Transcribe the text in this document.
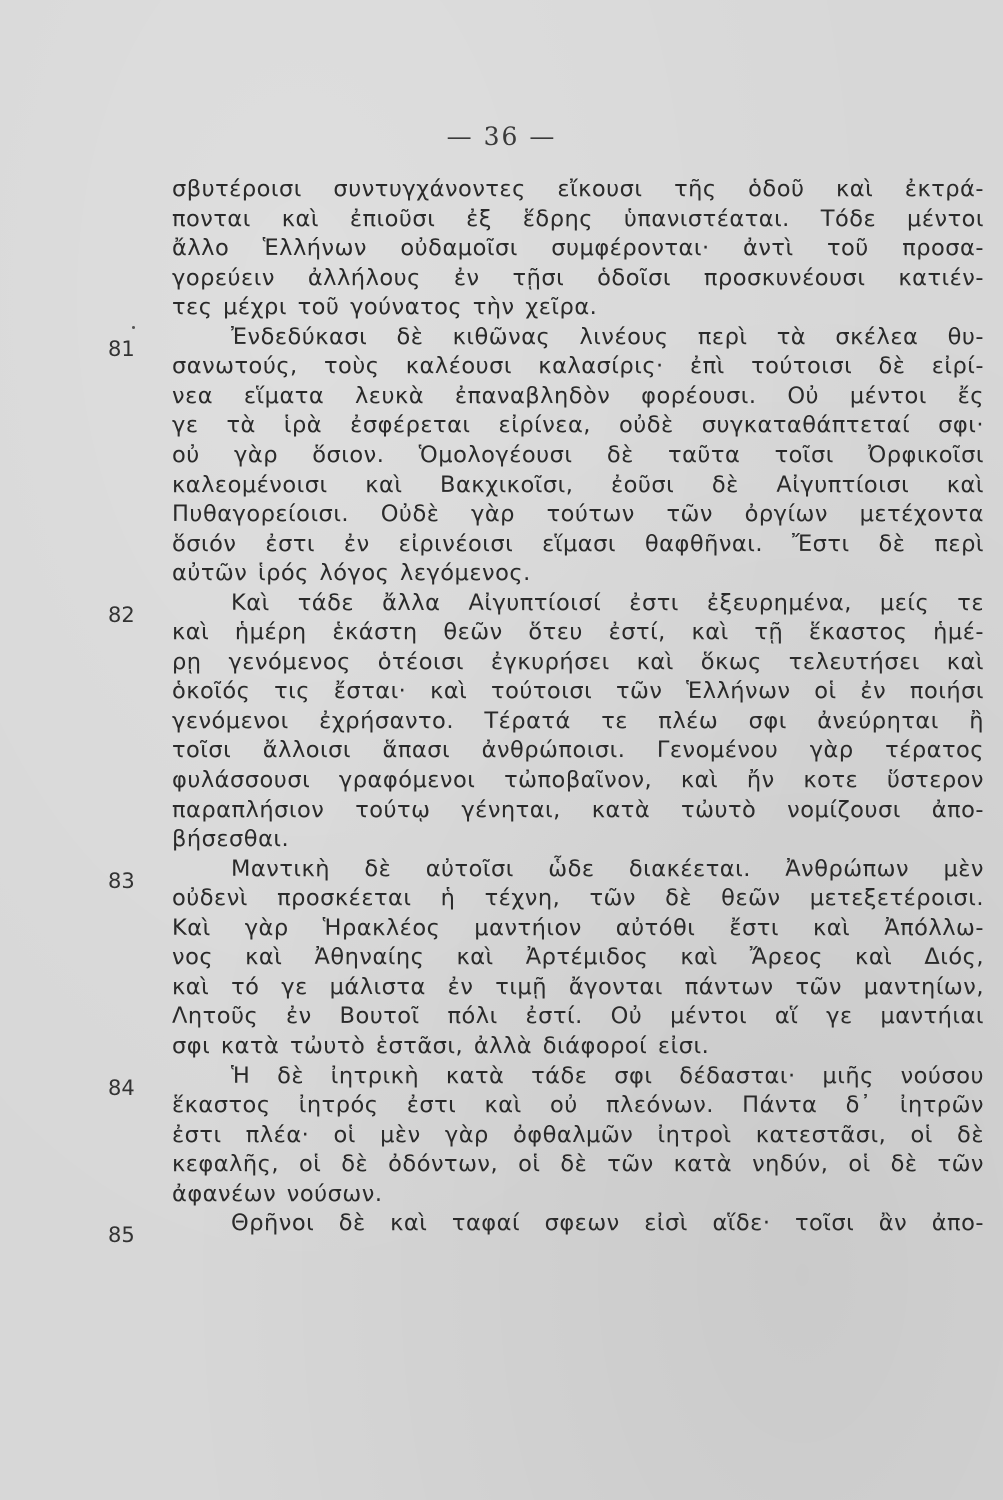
— 36 —
σβυτέροισι συντυγχάνοντες εἴκουσι τῆς ὁδοῦ καὶ ἐκτρά-
πονται καὶ ἐπιοῦσι ἐξ ἕδρης ὑπανιστέαται. Τόδε μέντοι
ἄλλο Ἑλλήνων οὐδαμοῖσι συμφέρονται· ἀντὶ τοῦ προσα-
γορεύειν ἀλλήλους ἐν τῇσι ὁδοῖσι προσκυνέουσι κατιέν-
τες μέχρι τοῦ γούνατος τὴν χεῖρα.
81	Ἐνδεδύκασι δὲ κιθῶνας λινέους περὶ τὰ σκέλεα θυ-
σανωτούς, τοὺς καλέουσι καλασίρις· ἐπὶ τούτοισι δὲ εἰρί-
νεα εἵματα λευκὰ ἐπαναβληδὸν φορέουσι. Οὐ μέντοι ἔς
γε τὰ ἱρὰ ἐσφέρεται εἰρίνεα, οὐδὲ συγκαταθάπτεταί σφι·
οὐ γὰρ ὅσιον. Ὁμολογέουσι δὲ ταῦτα τοῖσι Ὀρφικοῖσι
καλεομένοισι καὶ Βακχικοῖσι, ἐοῦσι δὲ Αἰγυπτίοισι καὶ
Πυθαγορείοισι. Οὐδὲ γὰρ τούτων τῶν ὀργίων μετέχοντα
ὅσιόν ἐστι ἐν εἰρινέοισι εἵμασι θαφθῆναι. Ἔστι δὲ περὶ
αὐτῶν ἱρός λόγος λεγόμενος.
82	Καὶ τάδε ἄλλα Αἰγυπτίοισί ἐστι ἐξευρημένα, μείς τε
καὶ ἡμέρη ἑκάστη θεῶν ὅτευ ἐστί, καὶ τῇ ἕκαστος ἡμέ-
ρῃ γενόμενος ὁτέοισι ἐγκυρήσει καὶ ὅκως τελευτήσει καὶ
ὁκοῖός τις ἔσται· καὶ τούτοισι τῶν Ἑλλήνων οἱ ἐν ποιήσι
γενόμενοι ἐχρήσαντο. Τέρατά τε πλέω σφι ἀνεύρηται ἢ
τοῖσι ἄλλοισι ἅπασι ἀνθρώποισι. Γενομένου γὰρ τέρατος
φυλάσσουσι γραφόμενοι τὠποβαῖνον, καὶ ἤν κοτε ὕστερον
παραπλήσιον τούτῳ γένηται, κατὰ τὠυτὸ νομίζουσι ἀπο-
βήσεσθαι.
83	Μαντικὴ δὲ αὐτοῖσι ὧδε διακέεται. Ἀνθρώπων μὲν
οὐδενὶ προσκέεται ἡ τέχνη, τῶν δὲ θεῶν μετεξετέροισι.
Καὶ γὰρ Ἡρακλέος μαντήιον αὐτόθι ἔστι καὶ Ἀπόλλω-
νος καὶ Ἀθηναίης καὶ Ἀρτέμιδος καὶ Ἄρεος καὶ Διός,
καὶ τό γε μάλιστα ἐν τιμῇ ἄγονται πάντων τῶν μαντηίων,
Λητοῦς ἐν Βουτοῖ πόλι ἐστί. Οὐ μέντοι αἵ γε μαντήιαι
σφι κατὰ τὠυτὸ ἑστᾶσι, ἀλλὰ διάφοροί εἰσι.
84	Ἡ δὲ ἰητρικὴ κατὰ τάδε σφι δέδασται· μιῆς νούσου
ἕκαστος ἰητρός ἐστι καὶ οὐ πλεόνων. Πάντα δ᾽ ἰητρῶν
ἐστι πλέα· οἱ μὲν γὰρ ὀφθαλμῶν ἰητροὶ κατεστᾶσι, οἱ δὲ
κεφαλῆς, οἱ δὲ ὀδόντων, οἱ δὲ τῶν κατὰ νηδύν, οἱ δὲ τῶν
ἀφανέων νούσων.
85	Θρῆνοι δὲ καὶ ταφαί σφεων εἰσὶ αἵδε· τοῖσι ἂν ἀπο-
